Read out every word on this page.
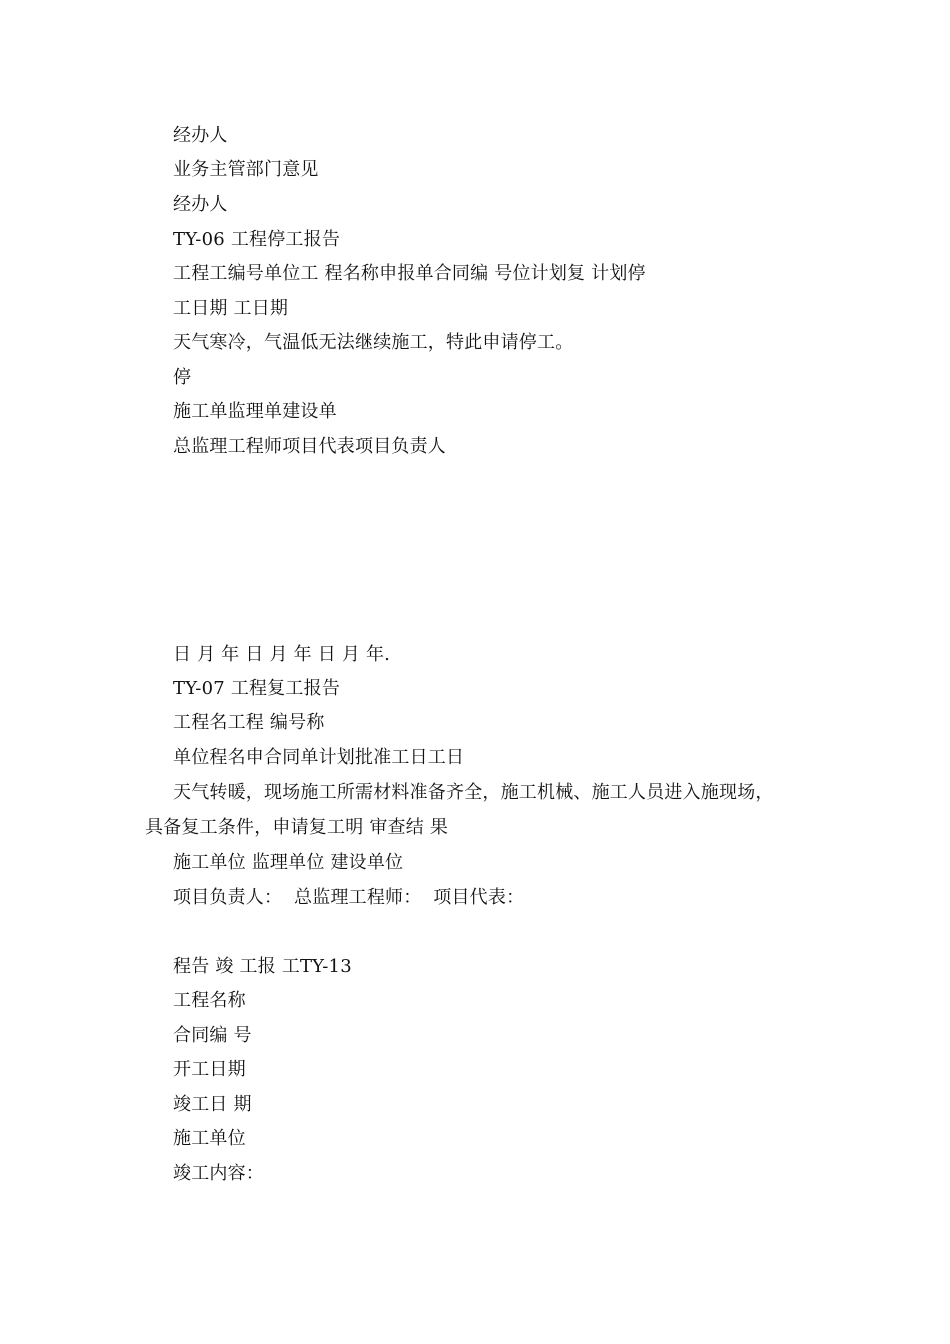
经办人
业务主管部门意见
经办人
TY-06 工程停工报告
工程工编号单位工 程名称申报单合同编 号位计划复 计划停
工日期 工日期
天气寒冷，气温低无法继续施工，特此申请停工。
停
施工单监理单建设单
总监理工程师项目代表项目负责人
日 月 年 日 月 年 日 月 年.
TY-07 工程复工报告
工程名工程 编号称
单位程名申合同单计划批准工日工日
天气转暖，现场施工所需材料准备齐全，施工机械、施工人员进入施现场，
具备复工条件，申请复工明 审查结 果
施工单位 监理单位 建设单位
项目负责人：  总监理工程师：  项目代表：
程告 竣 工报 工TY-13
工程名称
合同编 号
开工日期
竣工日 期
施工单位
竣工内容：
